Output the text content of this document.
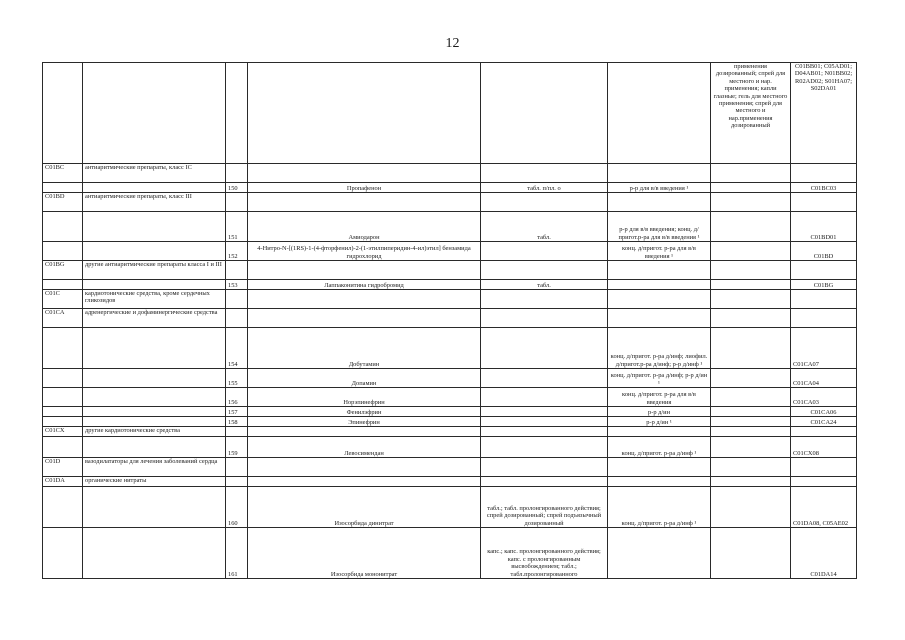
12
						применения дозированный; спрей для местного и нар. применения; капли глазные; гель для местного применения; спрей для местного и нар.применения дозированный	C01BB01; C05AD01; D04AB01; N01BB02; R02AD02; S01HA07; S02DA01
C01BC	антиаритмические препараты, класс IC						
		150	Пропафенон	табл. п/пл. о	р-р для в/в введения ¹		C01BC03
C01BD	антиаритмические препараты, класс III						
		151	Амиодарон	табл.	р-р для в/в введения; конц. д/пригот.р-ра для в/в введения ¹		C01BD01
		152	4-Нитро-N-[(1RS)-1-(4-фторфенил)-2-(1-этилпиперидин-4-ил)этил] бензамида гидрохлорид		конц. д/пригот. р-ра для в/в введения ¹		C01BD
C01BG	другие антиаритмические препараты класса I и III						
		153	Лаппаконитина гидробромид	табл.			C01BG
C01C	кардиотонические средства, кроме сердечных гликозидов						
C01CA	адренергические и дофаминергические средства						
		154	Добутамин		конц. д/пригот. р-ра д/инф; лиофил. д/пригот.р-ра д/инф; р-р д/инф ¹		C01CA07
		155	Допамин		конц. д/пригот. р-ра д/инф; р-р д/ин ¹		C01CA04
		156	Норэпинефрин		конц. д/пригот. р-ра для в/в введения		C01CA03
		157	Фенилэфрин		р-р д/ин		C01CA06
		158	Эпинефрин		р-р д/ин ¹		C01CA24
C01CX	другие кардиотонические средства						
		159	Левосимендан		конц. д/пригот. р-ра д/инф ¹		C01CX08
C01D	вазодилататоры для лечения заболеваний сердца						
C01DA	органические нитраты						
		160	Изосорбида динитрат	табл.; табл. пролонгированного действия; спрей дозированный; спрей подъязычный дозированный	конц. д/пригот. р-ра д/инф ¹		C01DA08, C05AE02
		161	Изосорбида мононитрат	капс.; капс. пролонгированного действия; капс. с пролонгированным высвобождением; табл.; табл.пролонгированного			C01DA14
